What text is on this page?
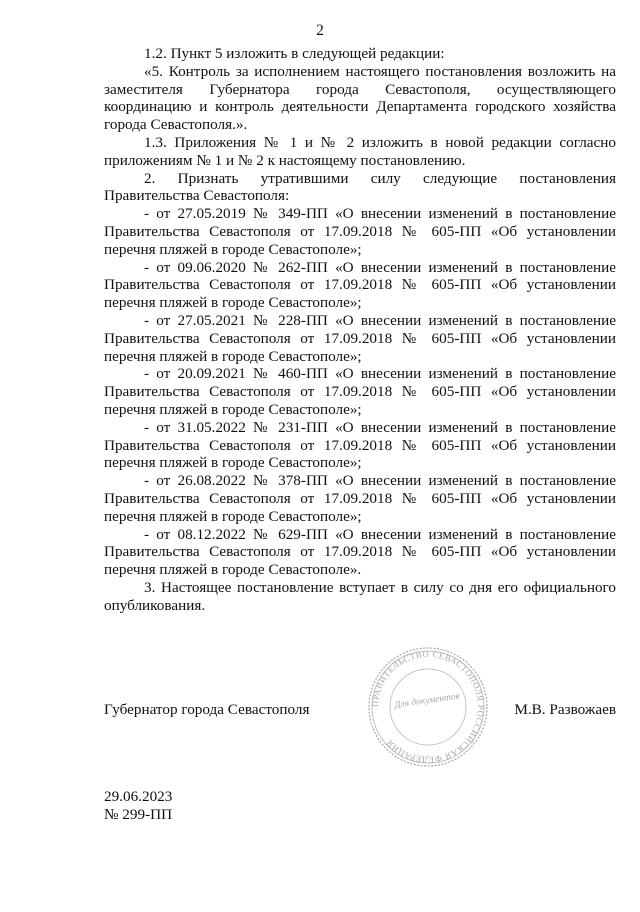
2

1.2. Пункт 5 изложить в следующей редакции:

«5. Контроль за исполнением настоящего постановления возложить на заместителя Губернатора города Севастополя, осуществляющего координацию и контроль деятельности Департамента городского хозяйства города Севастополя.».

1.3. Приложения № 1 и № 2 изложить в новой редакции согласно приложениям № 1 и № 2 к настоящему постановлению.

2. Признать утратившими силу следующие постановления Правительства Севастополя:

- от 27.05.2019 № 349-ПП «О внесении изменений в постановление Правительства Севастополя от 17.09.2018 № 605-ПП «Об установлении перечня пляжей в городе Севастополе»;

- от 09.06.2020 № 262-ПП «О внесении изменений в постановление Правительства Севастополя от 17.09.2018 № 605-ПП «Об установлении перечня пляжей в городе Севастополе»;

- от 27.05.2021 № 228-ПП «О внесении изменений в постановление Правительства Севастополя от 17.09.2018 № 605-ПП «Об установлении перечня пляжей в городе Севастополе»;

- от 20.09.2021 № 460-ПП «О внесении изменений в постановление Правительства Севастополя от 17.09.2018 № 605-ПП «Об установлении перечня пляжей в городе Севастополе»;

- от 31.05.2022 № 231-ПП «О внесении изменений в постановление Правительства Севастополя от 17.09.2018 № 605-ПП «Об установлении перечня пляжей в городе Севастополе»;

- от 26.08.2022 № 378-ПП «О внесении изменений в постановление Правительства Севастополя от 17.09.2018 № 605-ПП «Об установлении перечня пляжей в городе Севастополе»;

- от 08.12.2022 № 629-ПП «О внесении изменений в постановление Правительства Севастополя от 17.09.2018 № 605-ПП «Об установлении перечня пляжей в городе Севастополе».

3. Настоящее постановление вступает в силу со дня его официального опубликования.

Губернатор города Севастополя	М.В. Развожаев
ПРАВИТЕЛЬСТВО СЕВАСТОПОЛЯ РОССИЙСКАЯ ФЕДЕРАЦИЯ
Для документов
29.06.2023
№ 299-ПП
